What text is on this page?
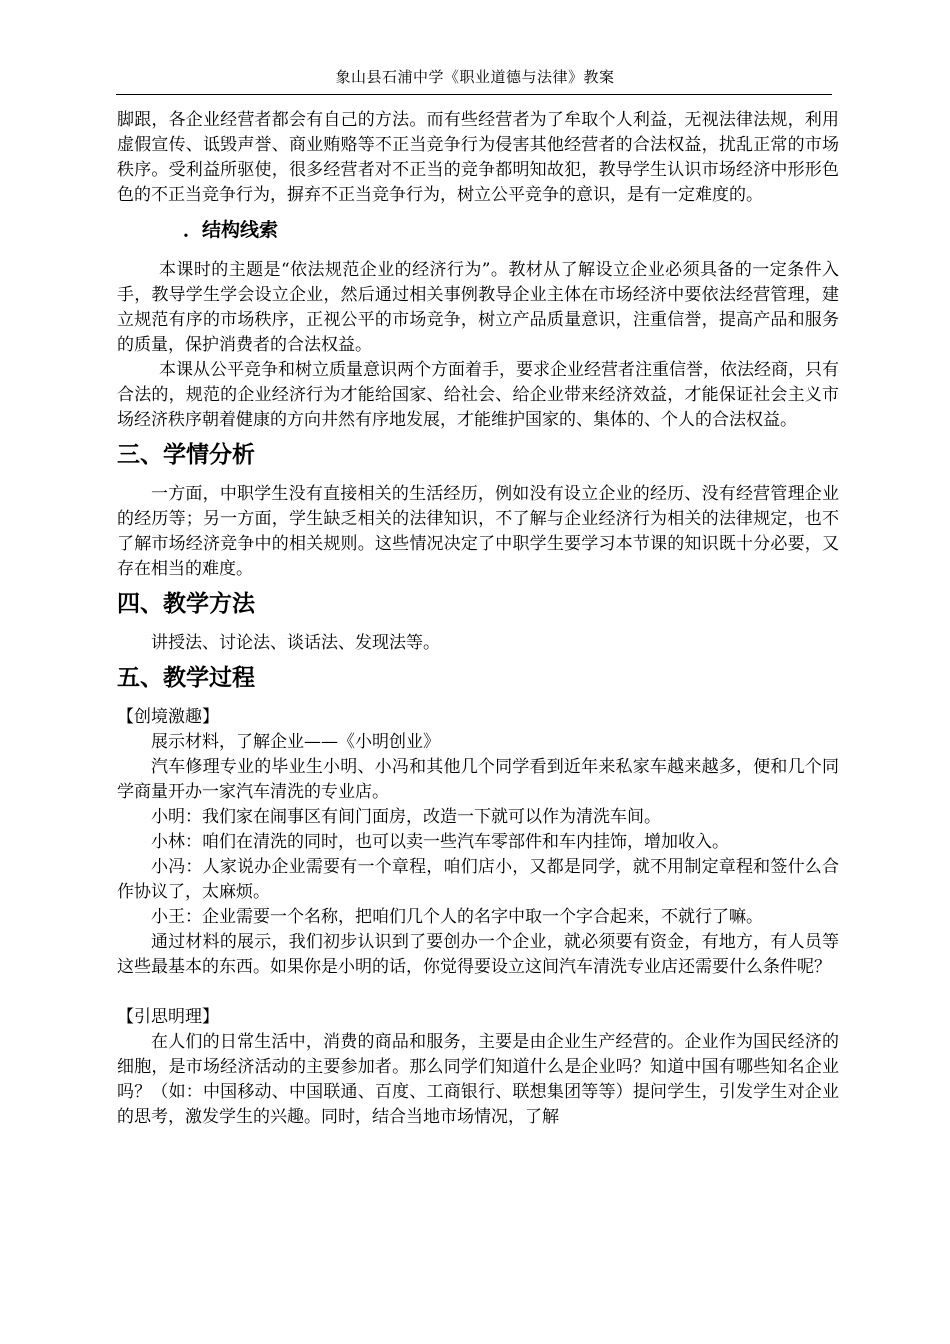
象山县石浦中学《职业道德与法律》教案

脚跟，各企业经营者都会有自己的方法。而有些经营者为了牟取个人利益，无视法律法规，利用虚假宣传、诋毁声誉、商业贿赂等不正当竞争行为侵害其他经营者的合法权益，扰乱正常的市场秩序。受利益所驱使，很多经营者对不正当的竞争都明知故犯，教导学生认识市场经济中形形色色的不正当竞争行为，摒弃不正当竞争行为，树立公平竞争的意识，是有一定难度的。

．结构线索

本课时的主题是“依法规范企业的经济行为”。教材从了解设立企业必须具备的一定条件入手，教导学生学会设立企业，然后通过相关事例教导企业主体在市场经济中要依法经营管理，建立规范有序的市场秩序，正视公平的市场竞争，树立产品质量意识，注重信誉，提高产品和服务的质量，保护消费者的合法权益。

本课从公平竞争和树立质量意识两个方面着手，要求企业经营者注重信誉，依法经商，只有合法的，规范的企业经济行为才能给国家、给社会、给企业带来经济效益，才能保证社会主义市场经济秩序朝着健康的方向井然有序地发展，才能维护国家的、集体的、个人的合法权益。

三、学情分析

一方面，中职学生没有直接相关的生活经历，例如没有设立企业的经历、没有经营管理企业的经历等；另一方面，学生缺乏相关的法律知识，不了解与企业经济行为相关的法律规定，也不了解市场经济竞争中的相关规则。这些情况决定了中职学生要学习本节课的知识既十分必要，又存在相当的难度。

四、教学方法

讲授法、讨论法、谈话法、发现法等。

五、教学过程

【创境激趣】

展示材料，了解企业——《小明创业》

汽车修理专业的毕业生小明、小冯和其他几个同学看到近年来私家车越来越多，便和几个同学商量开办一家汽车清洗的专业店。

小明：我们家在闹事区有间门面房，改造一下就可以作为清洗车间。

小林：咱们在清洗的同时，也可以卖一些汽车零部件和车内挂饰，增加收入。

小冯：人家说办企业需要有一个章程，咱们店小，又都是同学，就不用制定章程和签什么合作协议了，太麻烦。

小王：企业需要一个名称，把咱们几个人的名字中取一个字合起来，不就行了嘛。

通过材料的展示，我们初步认识到了要创办一个企业，就必须要有资金，有地方，有人员等这些最基本的东西。如果你是小明的话，你觉得要设立这间汽车清洗专业店还需要什么条件呢？

【引思明理】

在人们的日常生活中，消费的商品和服务，主要是由企业生产经营的。企业作为国民经济的细胞，是市场经济活动的主要参加者。那么同学们知道什么是企业吗？知道中国有哪些知名企业吗？（如：中国移动、中国联通、百度、工商银行、联想集团等等）提问学生，引发学生对企业的思考，激发学生的兴趣。同时，结合当地市场情况，了解
